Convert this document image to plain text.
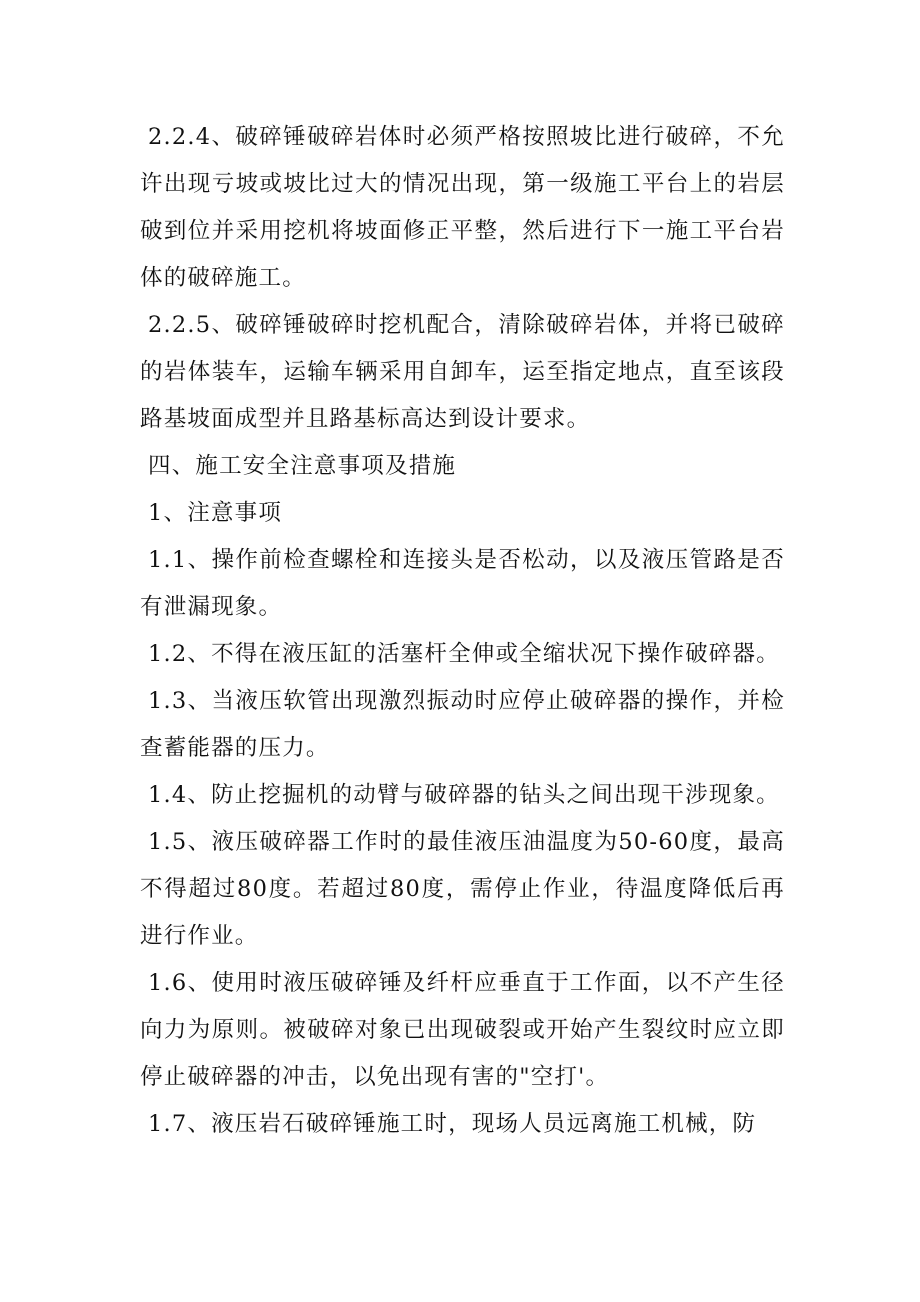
2.2.4、破碎锤破碎岩体时必须严格按照坡比进行破碎，不允许出现亏坡或坡比过大的情况出现，第一级施工平台上的岩层破到位并采用挖机将坡面修正平整，然后进行下一施工平台岩体的破碎施工。

2.2.5、破碎锤破碎时挖机配合，清除破碎岩体，并将已破碎的岩体装车，运输车辆采用自卸车，运至指定地点，直至该段路基坡面成型并且路基标高达到设计要求。

四、施工安全注意事项及措施

1、注意事项

1.1、操作前检查螺栓和连接头是否松动，以及液压管路是否有泄漏现象。

1.2、不得在液压缸的活塞杆全伸或全缩状况下操作破碎器。

1.3、当液压软管出现激烈振动时应停止破碎器的操作，并检查蓄能器的压力。

1.4、防止挖掘机的动臂与破碎器的钻头之间出现干涉现象。

1.5、液压破碎器工作时的最佳液压油温度为50-60度，最高不得超过80度。若超过80度，需停止作业，待温度降低后再进行作业。

1.6、使用时液压破碎锤及纤杆应垂直于工作面，以不产生径向力为原则。被破碎对象已出现破裂或开始产生裂纹时应立即停止破碎器的冲击，以免出现有害的"空打'。

1.7、液压岩石破碎锤施工时，现场人员远离施工机械，防
